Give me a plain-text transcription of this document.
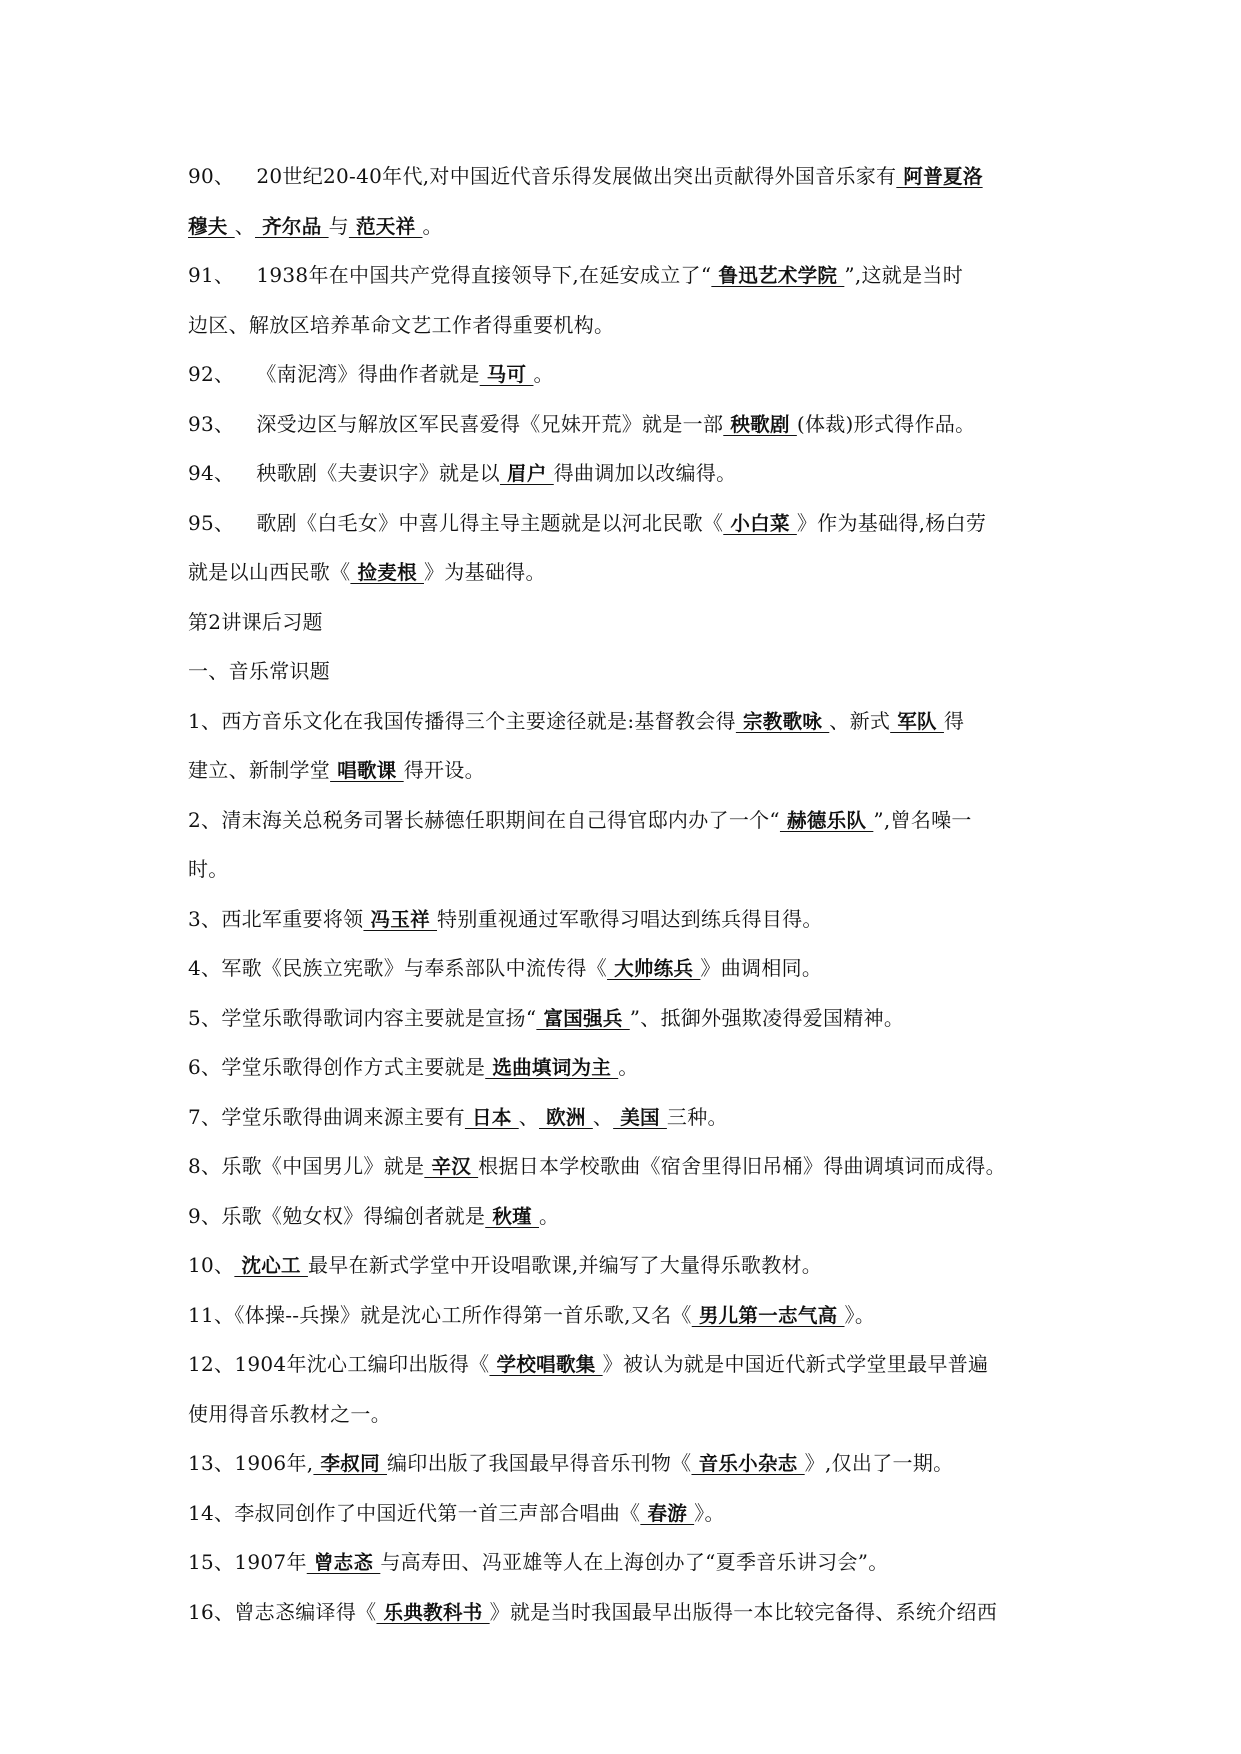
90、 20世纪20-40年代,对中国近代音乐得发展做出突出贡献得外国音乐家有 阿普夏洛
穆夫 、 齐尔品 与 范天祥 。
91、 1938年在中国共产党得直接领导下,在延安成立了“ 鲁迅艺术学院 ”,这就是当时
边区、解放区培养革命文艺工作者得重要机构。
92、 《南泥湾》得曲作者就是 马可 。
93、 深受边区与解放区军民喜爱得《兄妹开荒》就是一部 秧歌剧 (体裁)形式得作品。
94、 秧歌剧《夫妻识字》就是以 眉户 得曲调加以改编得。
95、 歌剧《白毛女》中喜儿得主导主题就是以河北民歌《 小白菜 》作为基础得,杨白劳
就是以山西民歌《 捡麦根 》为基础得。
第2讲课后习题
一、音乐常识题
1、西方音乐文化在我国传播得三个主要途径就是:基督教会得 宗教歌咏 、新式 军队 得
建立、新制学堂 唱歌课 得开设。
2、清末海关总税务司署长赫德任职期间在自己得官邸内办了一个“ 赫德乐队 ”,曾名噪一
时。
3、西北军重要将领 冯玉祥 特别重视通过军歌得习唱达到练兵得目得。
4、军歌《民族立宪歌》与奉系部队中流传得《 大帅练兵 》曲调相同。
5、学堂乐歌得歌词内容主要就是宣扬“ 富国强兵 ”、抵御外强欺凌得爱国精神。
6、学堂乐歌得创作方式主要就是 选曲填词为主 。
7、学堂乐歌得曲调来源主要有 日本 、 欧洲 、 美国 三种。
8、乐歌《中国男儿》就是 辛汉 根据日本学校歌曲《宿舍里得旧吊桶》得曲调填词而成得。
9、乐歌《勉女权》得编创者就是 秋瑾 。
10、 沈心工 最早在新式学堂中开设唱歌课,并编写了大量得乐歌教材。
11、《体操--兵操》就是沈心工所作得第一首乐歌,又名《 男儿第一志气高 》。
12、1904年沈心工编印出版得《 学校唱歌集 》被认为就是中国近代新式学堂里最早普遍
使用得音乐教材之一。
13、1906年, 李叔同 编印出版了我国最早得音乐刊物《 音乐小杂志 》,仅出了一期。
14、李叔同创作了中国近代第一首三声部合唱曲《 春游 》。
15、1907年 曾志忞 与高寿田、冯亚雄等人在上海创办了“夏季音乐讲习会”。
16、曾志忞编译得《 乐典教科书 》就是当时我国最早出版得一本比较完备得、系统介绍西
